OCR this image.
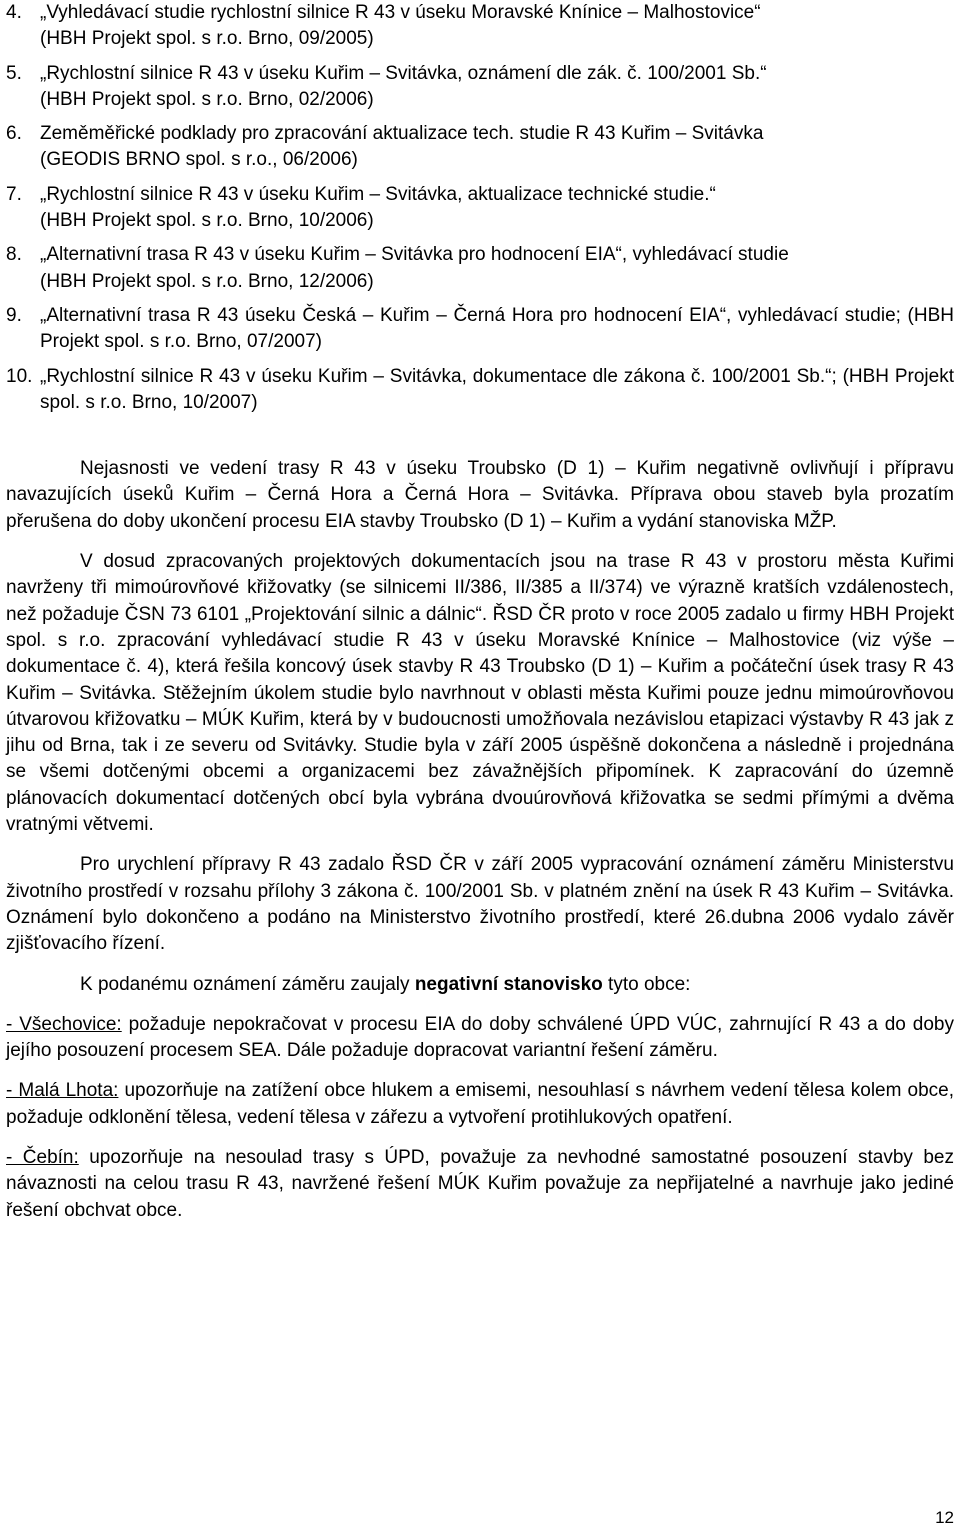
4. „Vyhledávací studie rychlostní silnice R 43 v úseku Moravské Knínice – Malhostovice“
(HBH Projekt spol. s r.o. Brno, 09/2005)
5. „Rychlostní silnice R 43 v úseku Kuřim – Svitávka, oznámení dle zák. č. 100/2001 Sb.“
(HBH Projekt spol. s r.o. Brno, 02/2006)
6. Zeměměřické podklady pro zpracování aktualizace tech. studie R 43 Kuřim – Svitávka
(GEODIS BRNO spol. s r.o., 06/2006)
7. „Rychlostní silnice R 43 v úseku Kuřim – Svitávka, aktualizace technické studie.“
(HBH Projekt spol. s r.o. Brno, 10/2006)
8. „Alternativní trasa R 43 v úseku Kuřim – Svitávka pro hodnocení EIA“, vyhledávací studie
(HBH Projekt spol. s r.o. Brno, 12/2006)
9. „Alternativní trasa R 43 úseku Česká – Kuřim – Černá Hora pro hodnocení EIA“, vyhledávací studie; (HBH Projekt spol. s r.o. Brno, 07/2007)
10. „Rychlostní silnice R 43 v úseku Kuřim – Svitávka, dokumentace dle zákona č. 100/2001 Sb.“; (HBH Projekt spol. s r.o. Brno, 10/2007)

Nejasnosti ve vedení trasy R 43 v úseku Troubsko (D 1) – Kuřim negativně ovlivňují i přípravu navazujících úseků Kuřim – Černá Hora a Černá Hora – Svitávka. Příprava obou staveb byla prozatím přerušena do doby ukončení procesu EIA stavby Troubsko (D 1) – Kuřim a vydání stanoviska MŽP.

V dosud zpracovaných projektových dokumentacích jsou na trase R 43 v prostoru města Kuřimi navrženy tři mimoúrovňové křižovatky (se silnicemi II/386, II/385 a II/374) ve výrazně kratších vzdálenostech, než požaduje ČSN 73 6101 „Projektování silnic a dálnic“. ŘSD ČR proto v roce 2005 zadalo u firmy HBH Projekt spol. s r.o. zpracování vyhledávací studie R 43 v úseku Moravské Knínice – Malhostovice (viz výše – dokumentace č. 4), která řešila koncový úsek stavby R 43 Troubsko (D 1) – Kuřim a počáteční úsek trasy R 43 Kuřim – Svitávka. Stěžejním úkolem studie bylo navrhnout v oblasti města Kuřimi pouze jednu mimoúrovňovou útvarovou křižovatku – MÚK Kuřim, která by v budoucnosti umožňovala nezávislou etapizaci výstavby R 43 jak z jihu od Brna, tak i ze severu od Svitávky. Studie byla v září 2005 úspěšně dokončena a následně i projednána se všemi dotčenými obcemi a organizacemi bez závažnějších připomínek. K zapracování do územně plánovacích dokumentací dotčených obcí byla vybrána dvouúrovňová křižovatka se sedmi přímými a dvěma vratnými větvemi.

Pro urychlení přípravy R 43 zadalo ŘSD ČR v září 2005 vypracování oznámení záměru Ministerstvu životního prostředí v rozsahu přílohy 3 zákona č. 100/2001 Sb. v platném znění na úsek R 43 Kuřim – Svitávka. Oznámení bylo dokončeno a podáno na Ministerstvo životního prostředí, které 26.dubna 2006 vydalo závěr zjišťovacího řízení.

K podanému oznámení záměru zaujaly negativní stanovisko tyto obce:

- Všechovice: požaduje nepokračovat v procesu EIA do doby schválené ÚPD VÚC, zahrnující R 43 a do doby jejího posouzení procesem SEA. Dále požaduje dopracovat variantní řešení záměru.

- Malá Lhota: upozorňuje na zatížení obce hlukem a emisemi, nesouhlasí s návrhem vedení tělesa kolem obce, požaduje odklonění tělesa, vedení tělesa v zářezu a vytvoření protihlukových opatření.

- Čebín: upozorňuje na nesoulad trasy s ÚPD, považuje za nevhodné samostatné posouzení stavby bez návaznosti na celou trasu R 43, navržené řešení MÚK Kuřim považuje za nepřijatelné a navrhuje jako jediné řešení obchvat obce.

12
